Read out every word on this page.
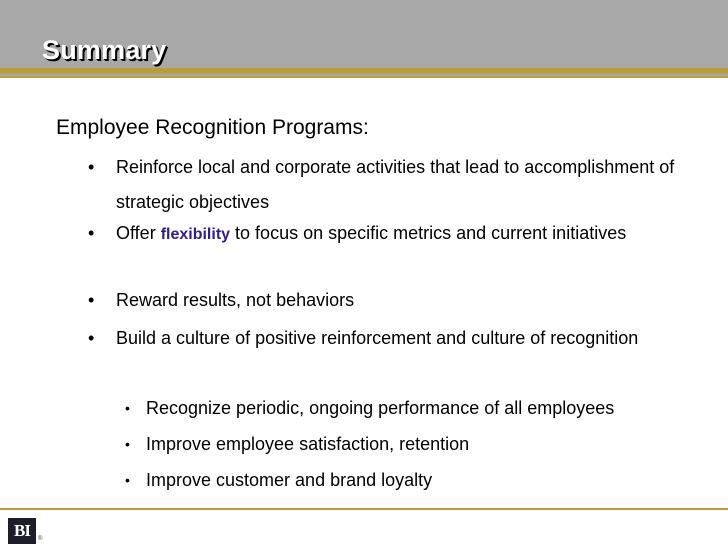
Summary
Employee Recognition Programs:
• Reinforce local and corporate activities that lead to accomplishment of strategic objectives
• Offer flexibility to focus on specific metrics and current initiatives
• Reward results, not behaviors
• Build a culture of positive reinforcement and culture of recognition
• Recognize periodic, ongoing performance of all employees
• Improve employee satisfaction, retention
• Improve customer and brand loyalty
BI	®
